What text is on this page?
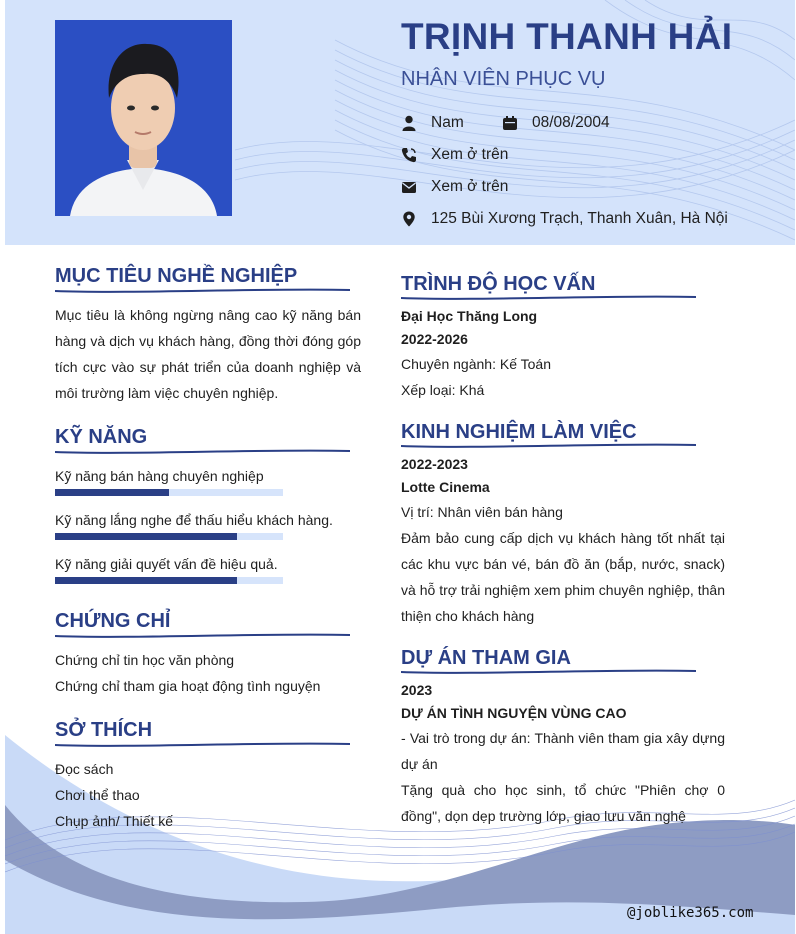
TRỊNH THANH HẢI
NHÂN VIÊN PHỤC VỤ
Nam	08/08/2004
Xem ở trên
Xem ở trên
125 Bùi Xương Trạch, Thanh Xuân, Hà Nội
MỤC TIÊU NGHỀ NGHIỆP
Mục tiêu là không ngừng nâng cao kỹ năng bán hàng và dịch vụ khách hàng, đồng thời đóng góp tích cực vào sự phát triển của doanh nghiệp và môi trường làm việc chuyên nghiệp.
KỸ NĂNG
Kỹ năng bán hàng chuyên nghiệp
Kỹ năng lắng nghe để thấu hiểu khách hàng.
Kỹ năng giải quyết vấn đề hiệu quả.
CHỨNG CHỈ
Chứng chỉ tin học văn phòng
Chứng chỉ tham gia hoạt động tình nguyện
SỞ THÍCH
Đọc sách
Chơi thể thao
Chụp ảnh/ Thiết kế
TRÌNH ĐỘ HỌC VẤN
Đại Học Thăng Long
2022-2026
Chuyên ngành: Kế Toán
Xếp loại: Khá
KINH NGHIỆM LÀM VIỆC
2022-2023
Lotte Cinema
Vị trí: Nhân viên bán hàng
Đảm bảo cung cấp dịch vụ khách hàng tốt nhất tại các khu vực bán vé, bán đồ ăn (bắp, nước, snack) và hỗ trợ trải nghiệm xem phim chuyên nghiệp, thân thiện cho khách hàng
DỰ ÁN THAM GIA
2023
DỰ ÁN TÌNH NGUYỆN VÙNG CAO
- Vai trò trong dự án: Thành viên tham gia xây dựng dự án
Tặng quà cho học sinh, tổ chức "Phiên chợ 0 đồng", dọn dẹp trường lớp, giao lưu văn nghệ
@joblike365.com
